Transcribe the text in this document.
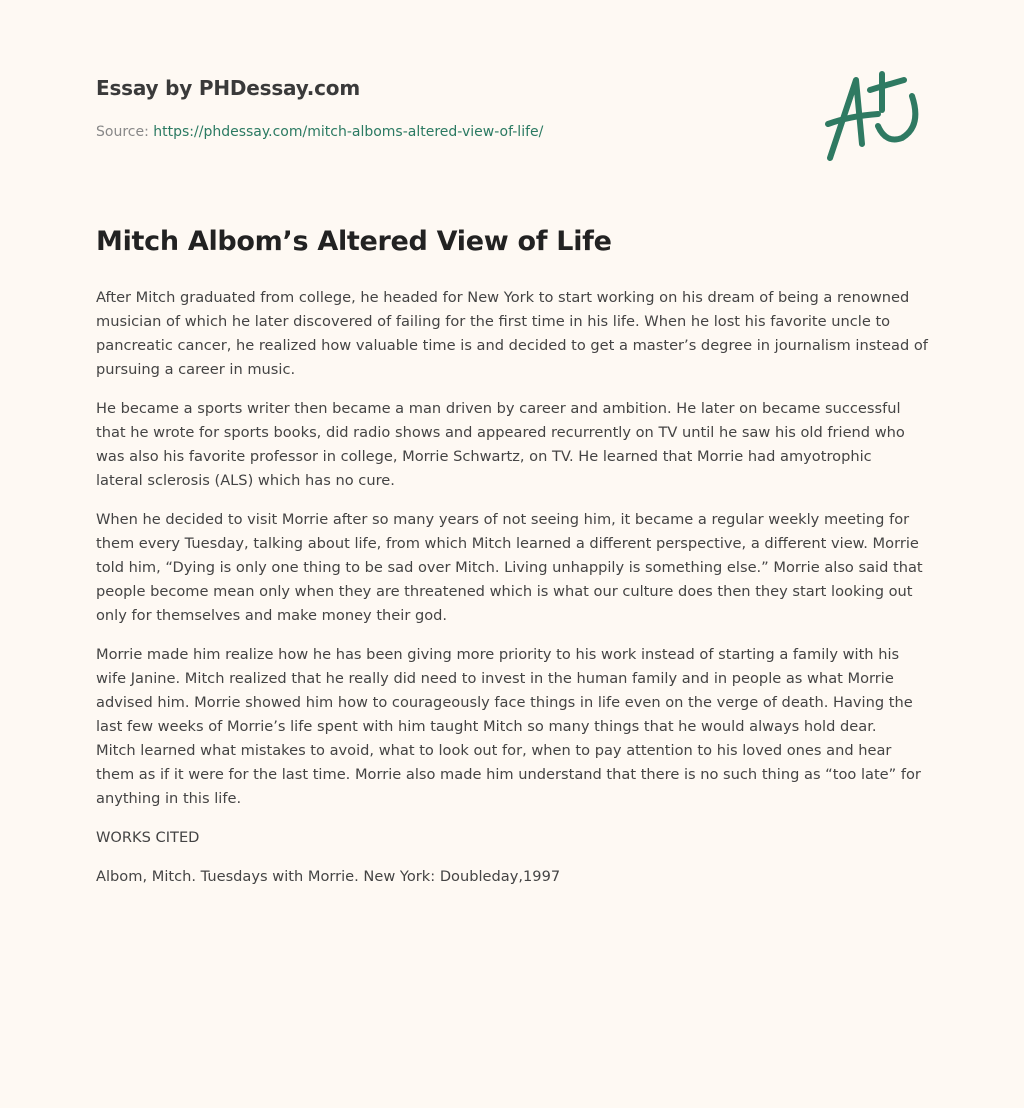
Essay by PHDessay.com
Source: https://phdessay.com/mitch-alboms-altered-view-of-life/
Mitch Albom’s Altered View of Life
After Mitch graduated from college, he headed for New York to start working on his dream of being a renowned
musician of which he later discovered of failing for the first time in his life. When he lost his favorite uncle to
pancreatic cancer, he realized how valuable time is and decided to get a master’s degree in journalism instead of
pursuing a career in music.
He became a sports writer then became a man driven by career and ambition. He later on became successful
that he wrote for sports books, did radio shows and appeared recurrently on TV until he saw his old friend who
was also his favorite professor in college, Morrie Schwartz, on TV. He learned that Morrie had amyotrophic
lateral sclerosis (ALS) which has no cure.
When he decided to visit Morrie after so many years of not seeing him, it became a regular weekly meeting for
them every Tuesday, talking about life, from which Mitch learned a different perspective, a different view. Morrie
told him, “Dying is only one thing to be sad over Mitch. Living unhappily is something else.” Morrie also said that
people become mean only when they are threatened which is what our culture does then they start looking out
only for themselves and make money their god.
Morrie made him realize how he has been giving more priority to his work instead of starting a family with his
wife Janine. Mitch realized that he really did need to invest in the human family and in people as what Morrie
advised him. Morrie showed him how to courageously face things in life even on the verge of death. Having the
last few weeks of Morrie’s life spent with him taught Mitch so many things that he would always hold dear.
Mitch learned what mistakes to avoid, what to look out for, when to pay attention to his loved ones and hear
them as if it were for the last time. Morrie also made him understand that there is no such thing as “too late” for
anything in this life.
WORKS CITED
Albom, Mitch. Tuesdays with Morrie. New York: Doubleday,1997
